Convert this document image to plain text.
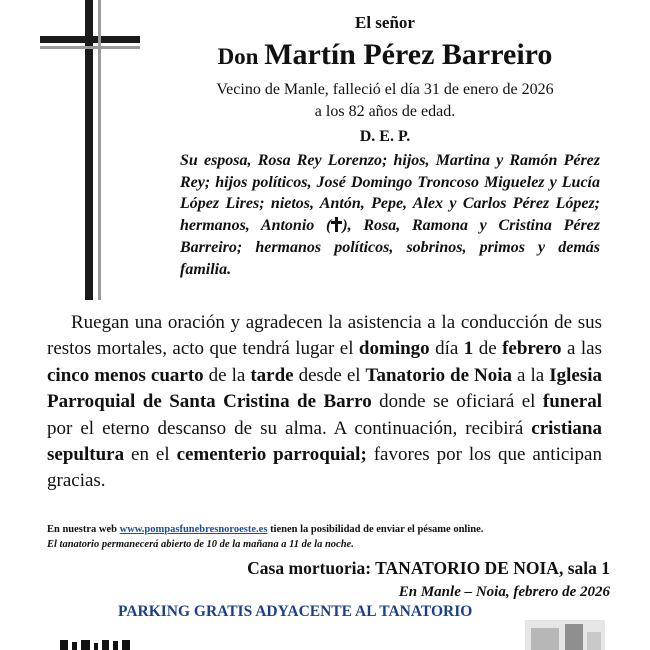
El señor
Don Martín Pérez Barreiro
Vecino de Manle, falleció el día 31 de enero de 2026
a los 82 años de edad.
D. E. P.
Su esposa, Rosa Rey Lorenzo; hijos, Martina y Ramón Pérez Rey; hijos políticos, José Domingo Troncoso Miguelez y Lucía López Lires; nietos, Antón, Pepe, Alex y Carlos Pérez López; hermanos, Antonio ( ), Rosa, Ramona y Cristina Pérez Barreiro; hermanos políticos, sobrinos, primos y demás familia.
Ruegan una oración y agradecen la asistencia a la conducción de sus restos mortales, acto que tendrá lugar el domingo día 1 de febrero a las cinco menos cuarto de la tarde desde el Tanatorio de Noia a la Iglesia Parroquial de Santa Cristina de Barro donde se oficiará el funeral por el eterno descanso de su alma. A continuación, recibirá cristiana sepultura en el cementerio parroquial; favores por los que anticipan gracias.
En nuestra web www.pompasfunebresnoroeste.es tienen la posibilidad de enviar el pésame online.
El tanatorio permanecerá abierto de 10 de la mañana a 11 de la noche.
Casa mortuoria: TANATORIO DE NOIA, sala 1
En Manle – Noia, febrero de 2026
PARKING GRATIS ADYACENTE AL TANATORIO
